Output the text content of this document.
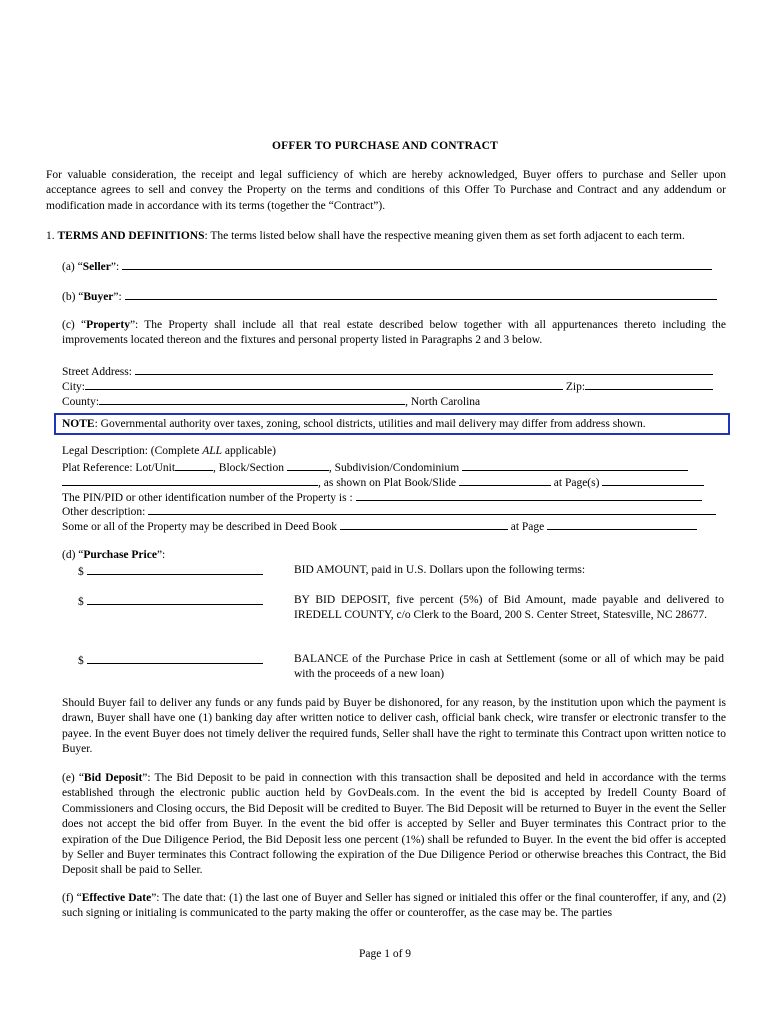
OFFER TO PURCHASE AND CONTRACT

For valuable consideration, the receipt and legal sufficiency of which are hereby acknowledged, Buyer offers to purchase and Seller upon acceptance agrees to sell and convey the Property on the terms and conditions of this Offer To Purchase and Contract and any addendum or modification made in accordance with its terms (together the “Contract”).

1. TERMS AND DEFINITIONS: The terms listed below shall have the respective meaning given them as set forth adjacent to each term.

(a) “Seller”:
(b) “Buyer”:

(c) “Property”: The Property shall include all that real estate described below together with all appurtenances thereto including the improvements located thereon and the fixtures and personal property listed in Paragraphs 2 and 3 below.

Street Address:
City:	Zip:
County:	, North Carolina
NOTE: Governmental authority over taxes, zoning, school districts, utilities and mail delivery may differ from address shown.
Legal Description: (Complete ALL applicable)
Plat Reference: Lot/Unit	, Block/Section	, Subdivision/Condominium
, as shown on Plat Book/Slide	at Page(s)
The PIN/PID or other identification number of the Property is :
Other description:
Some or all of the Property may be described in Deed Book	at Page
(d) “Purchase Price”:
$	BID AMOUNT, paid in U.S. Dollars upon the following terms:

$	BY BID DEPOSIT, five percent (5%) of Bid Amount, made payable and delivered to IREDELL COUNTY, c/o Clerk to the Board, 200 S. Center Street, Statesville, NC 28677.

$	BALANCE of the Purchase Price in cash at Settlement (some or all of which may be paid with the proceeds of a new loan)

Should Buyer fail to deliver any funds or any funds paid by Buyer be dishonored, for any reason, by the institution upon which the payment is drawn, Buyer shall have one (1) banking day after written notice to deliver cash, official bank check, wire transfer or electronic transfer to the payee. In the event Buyer does not timely deliver the required funds, Seller shall have the right to terminate this Contract upon written notice to Buyer.

(e) “Bid Deposit”: The Bid Deposit to be paid in connection with this transaction shall be deposited and held in accordance with the terms established through the electronic public auction held by GovDeals.com. In the event the bid is accepted by Iredell County Board of Commissioners and Closing occurs, the Bid Deposit will be credited to Buyer. The Bid Deposit will be returned to Buyer in the event the Seller does not accept the bid offer from Buyer. In the event the bid offer is accepted by Seller and Buyer terminates this Contract prior to the expiration of the Due Diligence Period, the Bid Deposit less one percent (1%) shall be refunded to Buyer. In the event the bid offer is accepted by Seller and Buyer terminates this Contract following the expiration of the Due Diligence Period or otherwise breaches this Contract, the Bid Deposit shall be paid to Seller.

(f) “Effective Date”: The date that: (1) the last one of Buyer and Seller has signed or initialed this offer or the final counteroffer, if any, and (2) such signing or initialing is communicated to the party making the offer or counteroffer, as the case may be. The parties

Page 1 of 9
